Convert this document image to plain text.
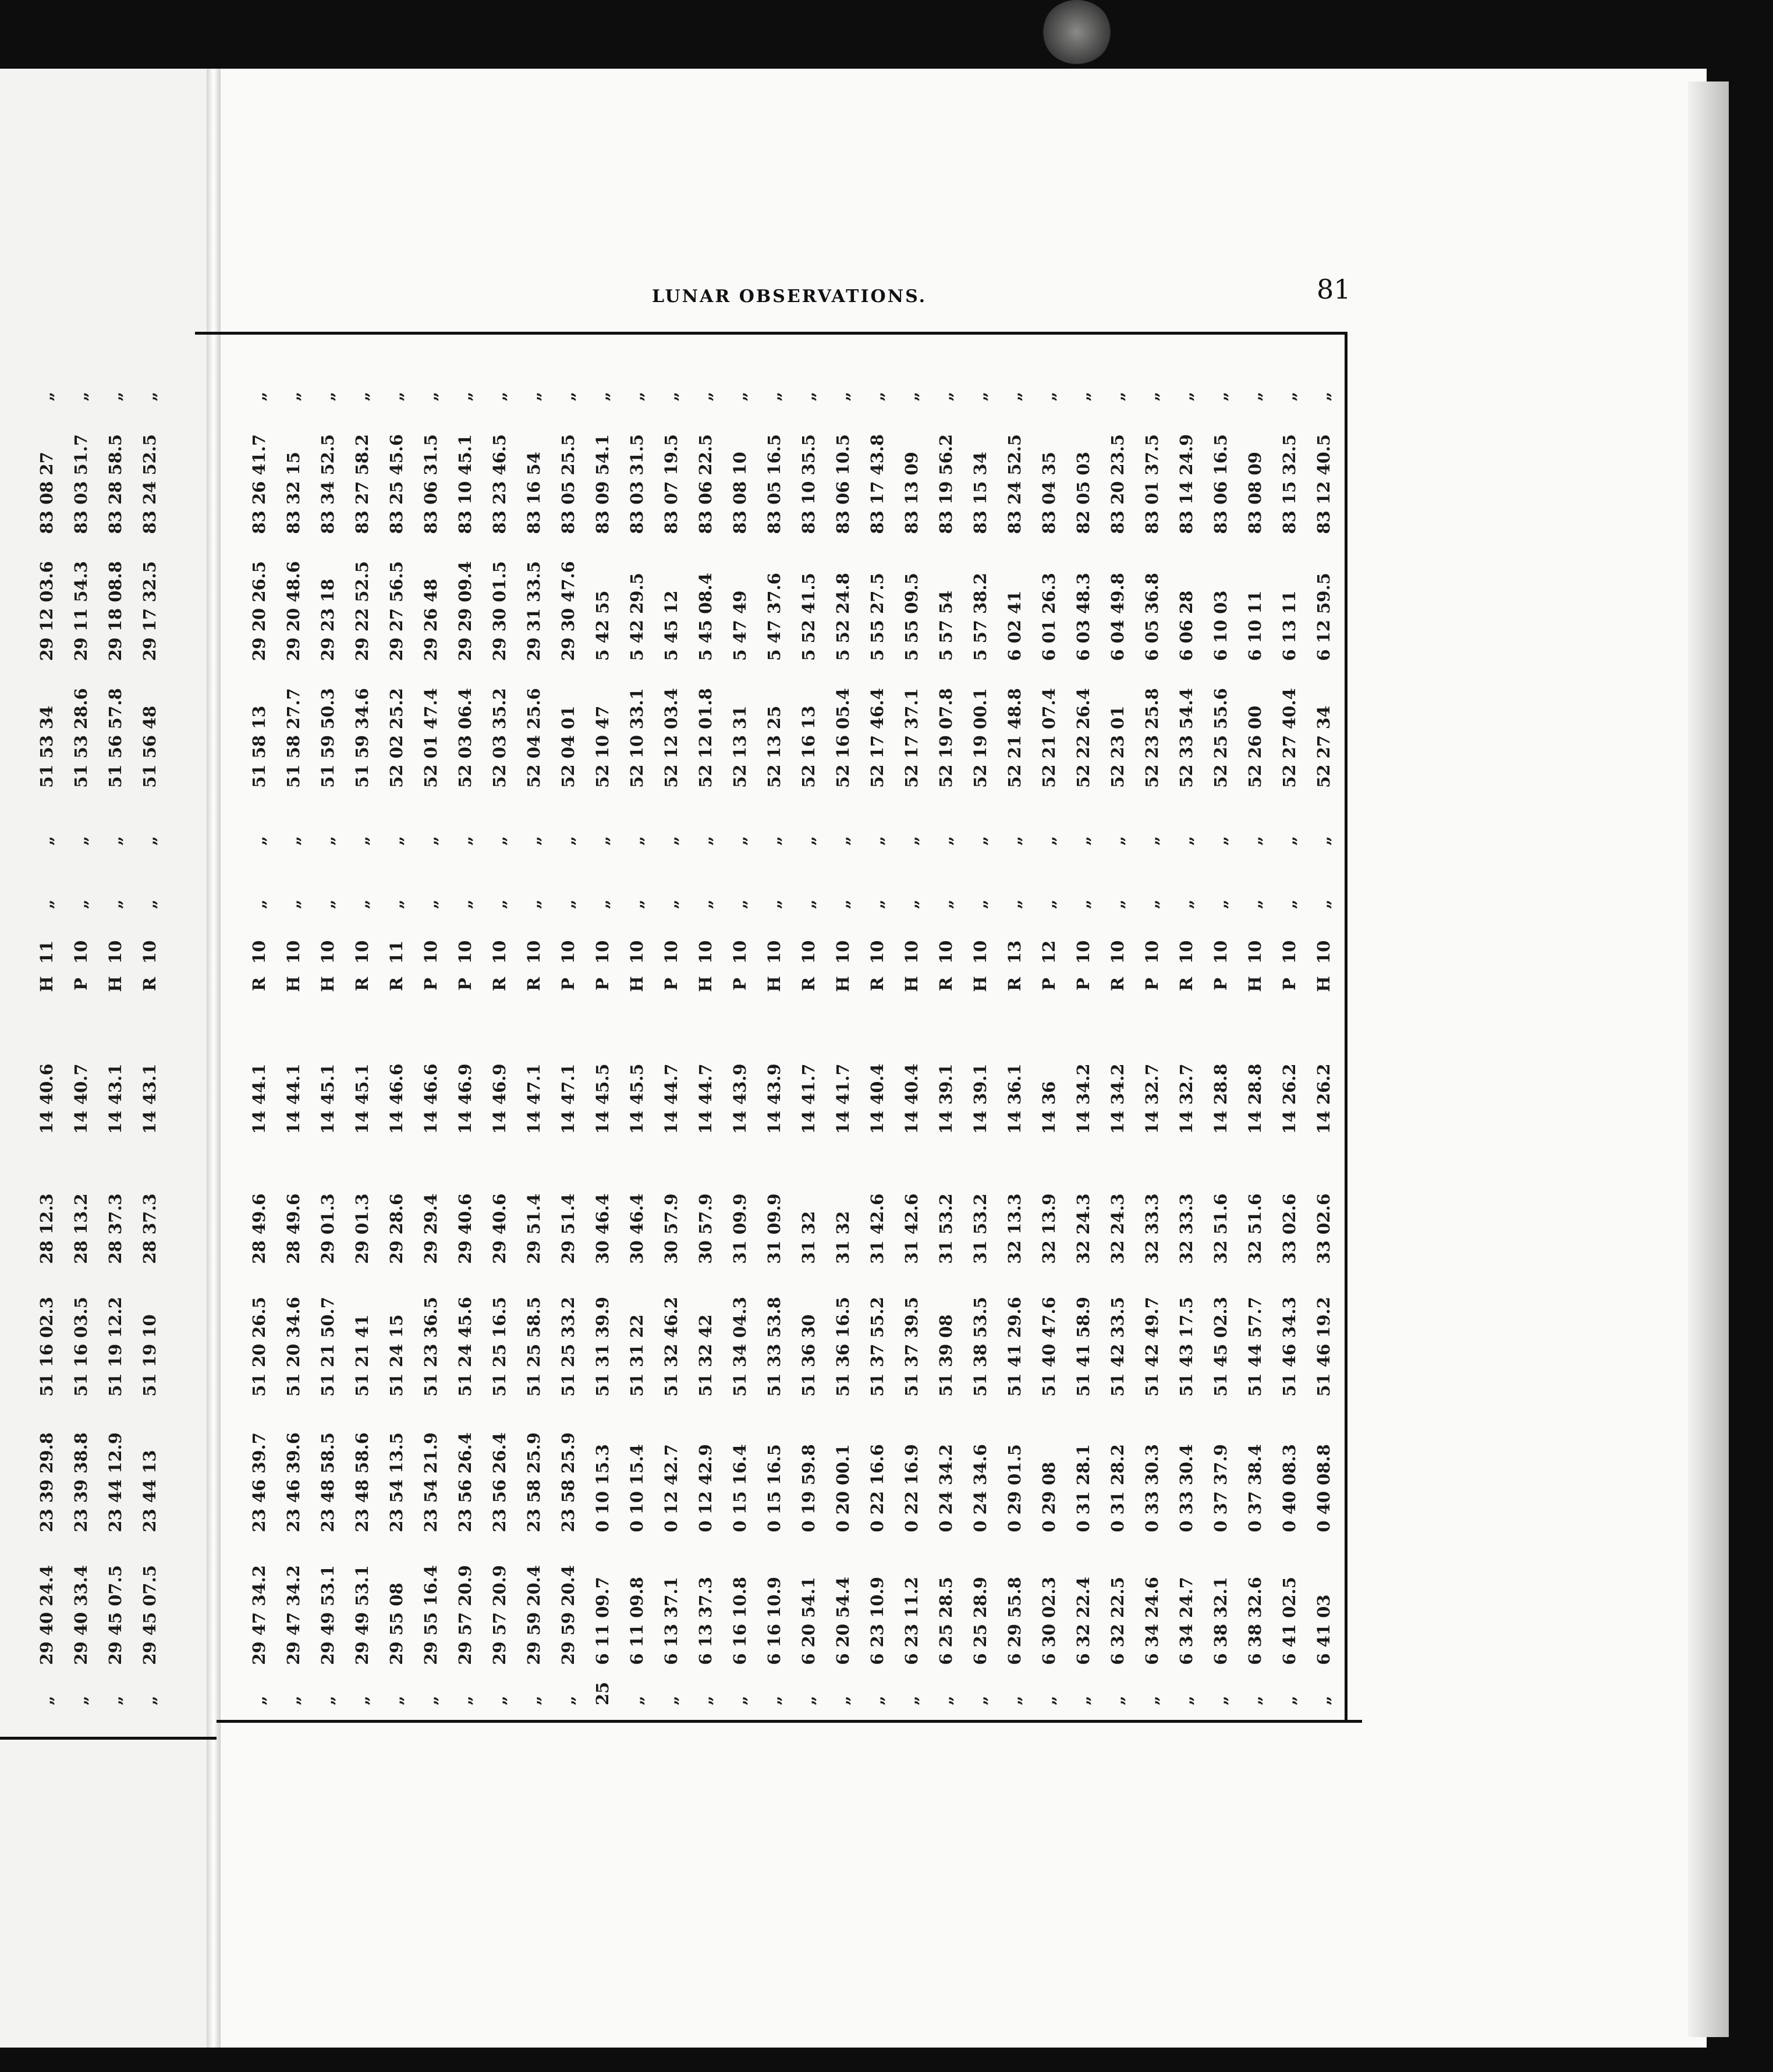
LUNAR OBSERVATIONS.	81
„
29 40 24.4
23 39 29.8
51 16 02.3
28 12.3
14 40.6
H
11
„
„
51 53 34
29 12 03.6
83 08 27
„
„
29 40 33.4
23 39 38.8
51 16 03.5
28 13.2
14 40.7
P
10
„
„
51 53 28.6
29 11 54.3
83 03 51.7
„
„
29 45 07.5
23 44 12.9
51 19 12.2
28 37.3
14 43.1
H
10
„
„
51 56 57.8
29 18 08.8
83 28 58.5
„
„
29 45 07.5
23 44 13
51 19 10
28 37.3
14 43.1
R
10
„
„
51 56 48
29 17 32.5
83 24 52.5
„
„
29 47 34.2
23 46 39.7
51 20 26.5
28 49.6
14 44.1
R
10
„
„
51 58 13
29 20 26.5
83 26 41.7
„
„
29 47 34.2
23 46 39.6
51 20 34.6
28 49.6
14 44.1
H
10
„
„
51 58 27.7
29 20 48.6
83 32 15
„
„
29 49 53.1
23 48 58.5
51 21 50.7
29 01.3
14 45.1
H
10
„
„
51 59 50.3
29 23 18
83 34 52.5
„
„
29 49 53.1
23 48 58.6
51 21 41
29 01.3
14 45.1
R
10
„
„
51 59 34.6
29 22 52.5
83 27 58.2
„
„
29 55 08
23 54 13.5
51 24 15
29 28.6
14 46.6
R
11
„
„
52 02 25.2
29 27 56.5
83 25 45.6
„
„
29 55 16.4
23 54 21.9
51 23 36.5
29 29.4
14 46.6
P
10
„
„
52 01 47.4
29 26 48
83 06 31.5
„
„
29 57 20.9
23 56 26.4
51 24 45.6
29 40.6
14 46.9
P
10
„
„
52 03 06.4
29 29 09.4
83 10 45.1
„
„
29 57 20.9
23 56 26.4
51 25 16.5
29 40.6
14 46.9
R
10
„
„
52 03 35.2
29 30 01.5
83 23 46.5
„
„
29 59 20.4
23 58 25.9
51 25 58.5
29 51.4
14 47.1
R
10
„
„
52 04 25.6
29 31 33.5
83 16 54
„
„
29 59 20.4
23 58 25.9
51 25 33.2
29 51.4
14 47.1
P
10
„
„
52 04 01
29 30 47.6
83 05 25.5
„
25
6 11 09.7
0 10 15.3
51 31 39.9
30 46.4
14 45.5
P
10
„
„
52 10 47
5 42 55
83 09 54.1
„
„
6 11 09.8
0 10 15.4
51 31 22
30 46.4
14 45.5
H
10
„
„
52 10 33.1
5 42 29.5
83 03 31.5
„
„
6 13 37.1
0 12 42.7
51 32 46.2
30 57.9
14 44.7
P
10
„
„
52 12 03.4
5 45 12
83 07 19.5
„
„
6 13 37.3
0 12 42.9
51 32 42
30 57.9
14 44.7
H
10
„
„
52 12 01.8
5 45 08.4
83 06 22.5
„
„
6 16 10.8
0 15 16.4
51 34 04.3
31 09.9
14 43.9
P
10
„
„
52 13 31
5 47 49
83 08 10
„
„
6 16 10.9
0 15 16.5
51 33 53.8
31 09.9
14 43.9
H
10
„
„
52 13 25
5 47 37.6
83 05 16.5
„
„
6 20 54.1
0 19 59.8
51 36 30
31 32
14 41.7
R
10
„
„
52 16 13
5 52 41.5
83 10 35.5
„
„
6 20 54.4
0 20 00.1
51 36 16.5
31 32
14 41.7
H
10
„
„
52 16 05.4
5 52 24.8
83 06 10.5
„
„
6 23 10.9
0 22 16.6
51 37 55.2
31 42.6
14 40.4
R
10
„
„
52 17 46.4
5 55 27.5
83 17 43.8
„
„
6 23 11.2
0 22 16.9
51 37 39.5
31 42.6
14 40.4
H
10
„
„
52 17 37.1
5 55 09.5
83 13 09
„
„
6 25 28.5
0 24 34.2
51 39 08
31 53.2
14 39.1
R
10
„
„
52 19 07.8
5 57 54
83 19 56.2
„
„
6 25 28.9
0 24 34.6
51 38 53.5
31 53.2
14 39.1
H
10
„
„
52 19 00.1
5 57 38.2
83 15 34
„
„
6 29 55.8
0 29 01.5
51 41 29.6
32 13.3
14 36.1
R
13
„
„
52 21 48.8
6 02 41
83 24 52.5
„
„
6 30 02.3
0 29 08
51 40 47.6
32 13.9
14 36
P
12
„
„
52 21 07.4
6 01 26.3
83 04 35
„
„
6 32 22.4
0 31 28.1
51 41 58.9
32 24.3
14 34.2
P
10
„
„
52 22 26.4
6 03 48.3
82 05 03
„
„
6 32 22.5
0 31 28.2
51 42 33.5
32 24.3
14 34.2
R
10
„
„
52 23 01
6 04 49.8
83 20 23.5
„
„
6 34 24.6
0 33 30.3
51 42 49.7
32 33.3
14 32.7
P
10
„
„
52 23 25.8
6 05 36.8
83 01 37.5
„
„
6 34 24.7
0 33 30.4
51 43 17.5
32 33.3
14 32.7
R
10
„
„
52 33 54.4
6 06 28
83 14 24.9
„
„
6 38 32.1
0 37 37.9
51 45 02.3
32 51.6
14 28.8
P
10
„
„
52 25 55.6
6 10 03
83 06 16.5
„
„
6 38 32.6
0 37 38.4
51 44 57.7
32 51.6
14 28.8
H
10
„
„
52 26 00
6 10 11
83 08 09
„
„
6 41 02.5
0 40 08.3
51 46 34.3
33 02.6
14 26.2
P
10
„
„
52 27 40.4
6 13 11
83 15 32.5
„
„
6 41 03
0 40 08.8
51 46 19.2
33 02.6
14 26.2
H
10
„
„
52 27 34
6 12 59.5
83 12 40.5
„
